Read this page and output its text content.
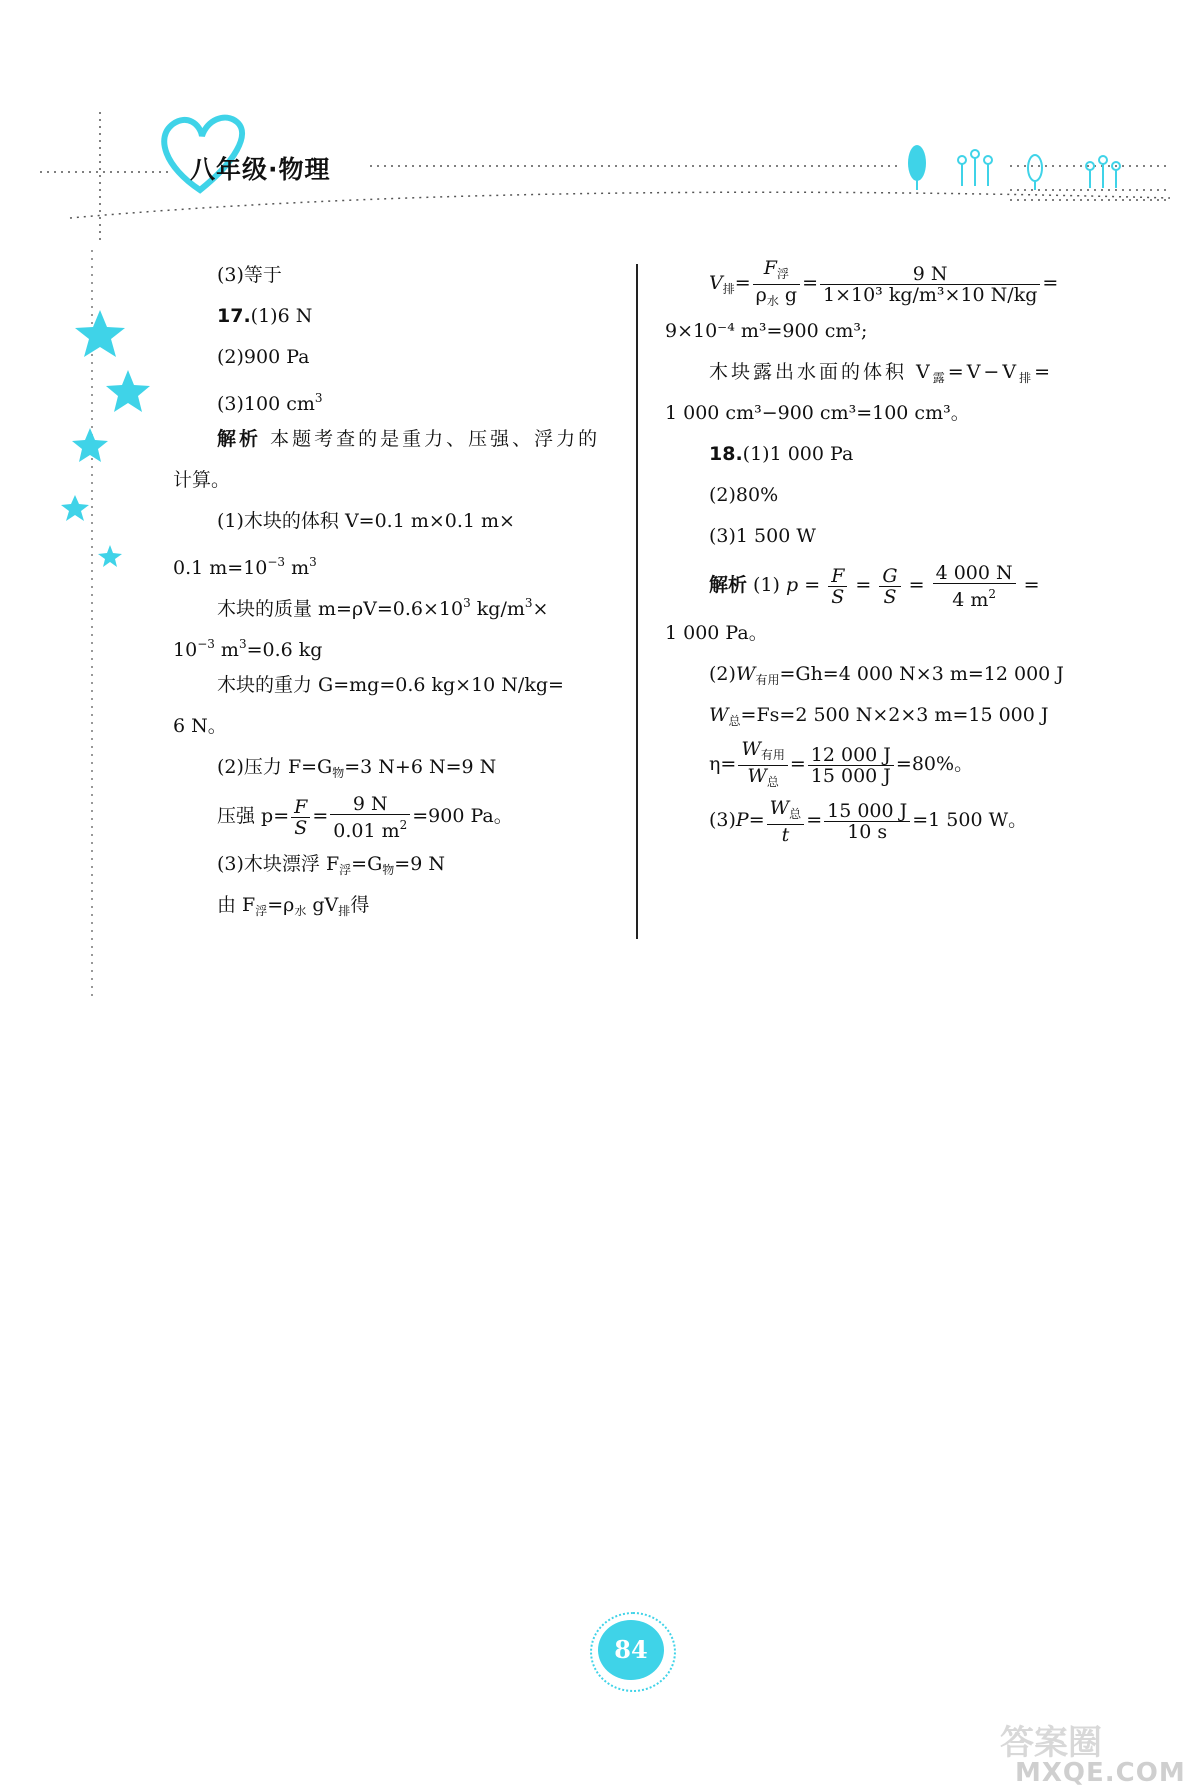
八年级·物理
(3)等于
17.(1)6 N
(2)900 Pa
(3)100 $cm^3$
解析 本题考查的是重力、压强、浮力的
计算。
(1)木块的体积 V=0.1 m×0.1 m×
0.1 $m=10^{-3}$ $m^3$
木块的质量 $m=\rho V=0.6\times 10^3$ $kg/m^3\times$
$10^{-3}$ $m^3=0.6$ kg
木块的重力 G=mg=0.6 kg×10 N/kg=
6 N。
(2)压力 $F=G_物=3$ N+6 N=9 N
压强 $p= \frac{F}{S} = \frac{9 N}{0.01 m^2} =900$ Pa。
(3)木块漂浮 $F_浮=G_物=9$ N
由 $F_浮=\rho_水$ $gV_排$得
$V_排= \frac{F_浮}{\rho_水 g} = \frac{9 N}{\text{1×10³ kg/m³×10 N/kg}}$ =
9×10⁻⁴ m³=900 cm³;
木块露出水面的体积 $V_露=V-V_排=$
1 000 cm³−900 cm³=100 cm³。
18.(1)1 000 Pa
(2)80%
(3)1 500 W
解析 (1) $p = \frac{F}{S} = \frac{G}{S} = \frac{4 000 N}{4 m^2}$ =
1 000 Pa。
$(2)W_{有用}=Gh=4$ 000 N×3 m=12 000 J
$W_总=Fs=2$ 500 N×2×3 m=15 000 J
$\eta= \frac{W_{有用}}{W_总} = \frac{12 000 J}{15 000 J} =80\%$。
$(3)P= \frac{W_总}{t} = \frac{15 000 J}{10 s} =1$ 500 W。
84
答案圈
MXQE.COM
